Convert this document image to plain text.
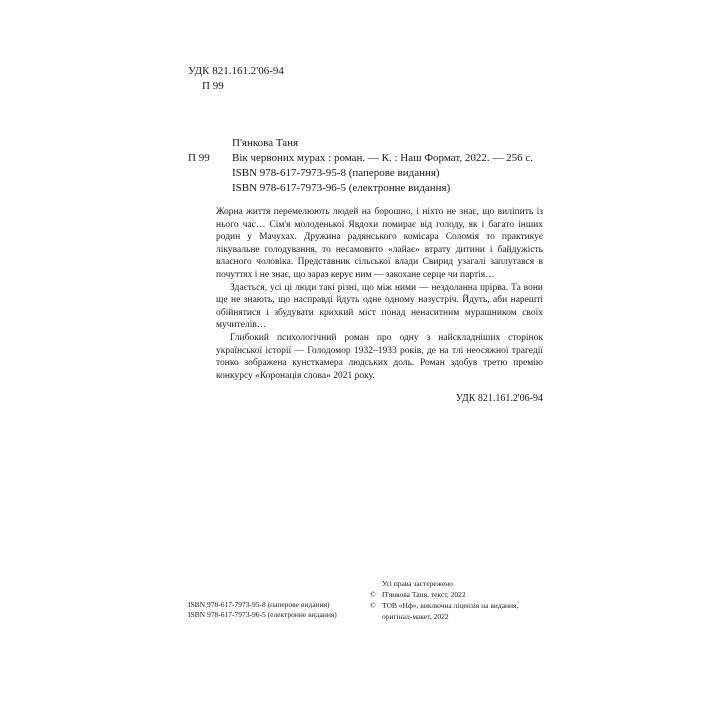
УДК 821.161.2'06-94
П 99
П'янкова Таня
П 99 Вік червоних мурах : роман. — К. : Наш Формат, 2022. — 256 с.
ISBN 978-617-7973-95-8 (паперове видання)
ISBN 978-617-7973-96-5 (електронне видання)

Жорна життя перемелюють людей на борошно, і ніхто не знає, що виліпить із нього час… Сім'я молоденької Явдохи помирає від голоду, як і багато інших родин у Мачухах. Дружина радянського комісара Соломія то практикує лікувальне голодування, то несамовито «лайає» втрату дитини і байдужість власного чоловіка. Представник сільської влади Свирид узагалі заплутався в почуттях і не знає, що зараз керує ним — закохане серце чи партія…

Здається, усі ці люди такі різні, що між ними — нездоланна прірва. Та вони ще не знають, що насправді йдуть одне одному назустріч. Йдуть, аби нарешті обійнятися і збудувати крихкий міст понад ненаситним мурашником своїх мучителів…

Глибокий психологічний роман про одну з найскладніших сторінок української історії — Голодомор 1932–1933 років, де на тлі неосяжної трагедії тонко зображена кунсткамера людських доль. Роман здобув третю премію конкурсу «Коронація слова» 2021 року.

УДК 821.161.2'06-94
ISBN 978-617-7973-95-8 (паперове видання)
ISBN 978-617-7973-96-5 (електронне видання)
Усі права застережено
© П'янкова Таня, текст, 2022
© ТОВ «Нф», виключна ліцензія на видання,
оригінал-макет, 2022
